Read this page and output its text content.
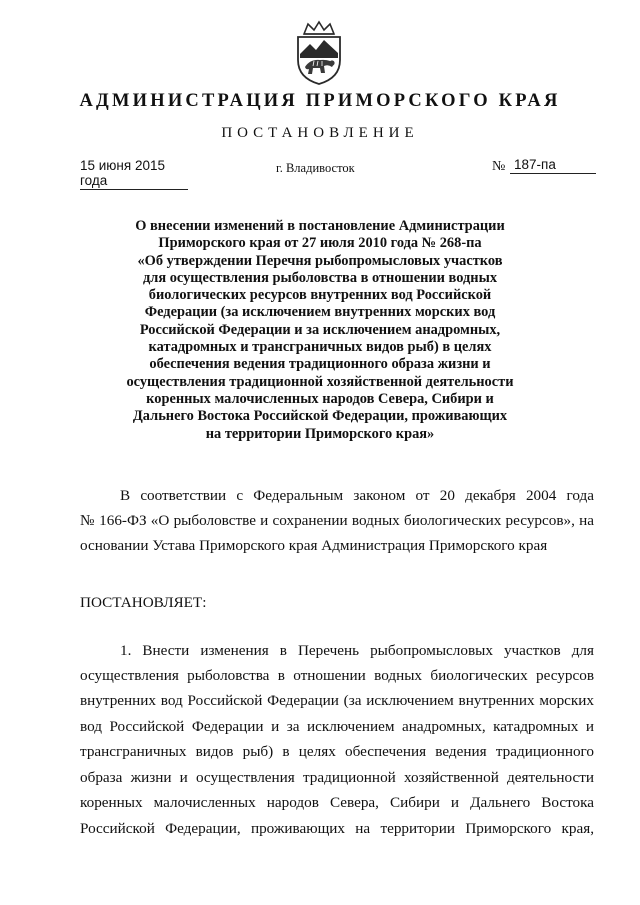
АДМИНИСТРАЦИЯ ПРИМОРСКОГО КРАЯ
ПОСТАНОВЛЕНИЕ
15 июня 2015 года
г. Владивосток	№ 187-па
О внесении изменений в постановление Администрации
Приморского края от 27 июля 2010 года № 268-па
«Об утверждении Перечня рыбопромысловых участков
для осуществления рыболовства в отношении водных
биологических ресурсов внутренних вод Российской
Федерации (за исключением внутренних морских вод
Российской Федерации и за исключением анадромных,
катадромных и трансграничных видов рыб) в целях
обеспечения ведения традиционного образа жизни и
осуществления традиционной хозяйственной деятельности
коренных малочисленных народов Севера, Сибири и
Дальнего Востока Российской Федерации, проживающих
на территории Приморского края»
В соответствии с Федеральным законом от 20 декабря 2004 года
№ 166-ФЗ «О рыболовстве и сохранении водных биологических ресурсов», на
основании Устава Приморского края Администрация Приморского края
ПОСТАНОВЛЯЕТ:
1. Внести изменения в Перечень рыбопромысловых участков для
осуществления рыболовства в отношении водных биологических ресурсов
внутренних вод Российской Федерации (за исключением внутренних морских
вод Российской Федерации и за исключением анадромных, катадромных и
трансграничных видов рыб) в целях обеспечения ведения традиционного
образа жизни и осуществления традиционной хозяйственной деятельности
коренных малочисленных народов Севера, Сибири и Дальнего Востока
Российской Федерации, проживающих на территории Приморского края,
